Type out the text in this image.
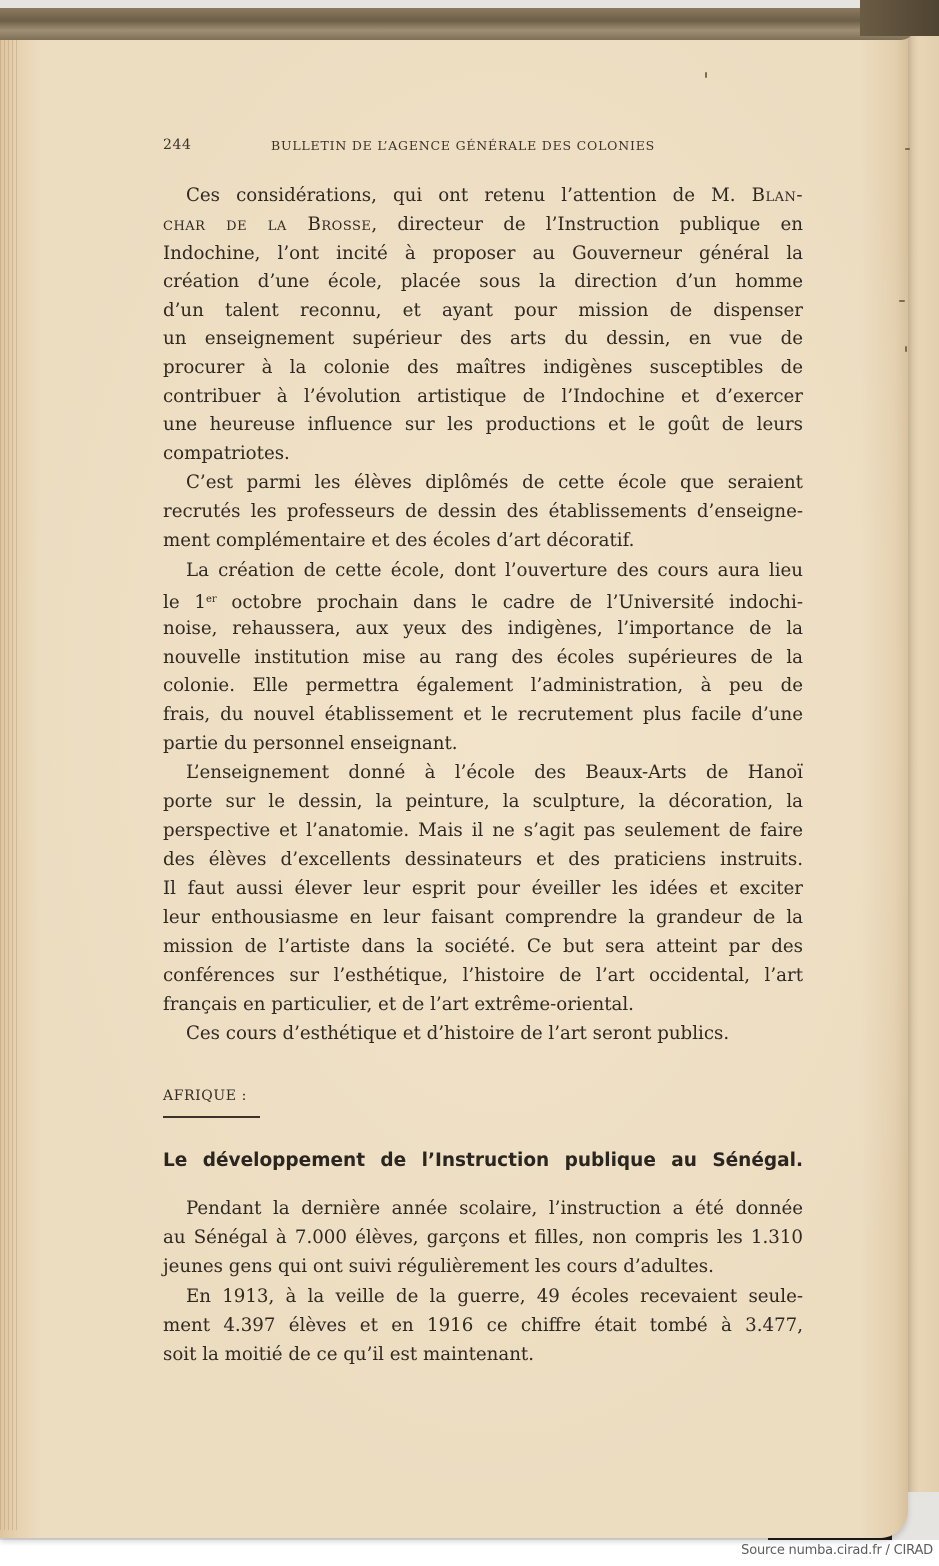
244	BULLETIN DE L’AGENCE GÉNÉRALE DES COLONIES
Ces considérations, qui ont retenu l’attention de M. Blan-
char de la Brosse, directeur de l’Instruction publique en
Indochine, l’ont incité à proposer au Gouverneur général la
création d’une école, placée sous la direction d’un homme
d’un talent reconnu, et ayant pour mission de dispenser
un enseignement supérieur des arts du dessin, en vue de
procurer à la colonie des maîtres indigènes susceptibles de
contribuer à l’évolution artistique de l’Indochine et d’exercer
une heureuse influence sur les productions et le goût de leurs
compatriotes.
C’est parmi les élèves diplômés de cette école que seraient
recrutés les professeurs de dessin des établissements d’enseigne-
ment complémentaire et des écoles d’art décoratif.
La création de cette école, dont l’ouverture des cours aura lieu
le 1er octobre prochain dans le cadre de l’Université indochi-
noise, rehaussera, aux yeux des indigènes, l’importance de la
nouvelle institution mise au rang des écoles supérieures de la
colonie. Elle permettra également l’administration, à peu de
frais, du nouvel établissement et le recrutement plus facile d’une
partie du personnel enseignant.
L’enseignement donné à l’école des Beaux-Arts de Hanoï
porte sur le dessin, la peinture, la sculpture, la décoration, la
perspective et l’anatomie. Mais il ne s’agit pas seulement de faire
des élèves d’excellents dessinateurs et des praticiens instruits.
Il faut aussi élever leur esprit pour éveiller les idées et exciter
leur enthousiasme en leur faisant comprendre la grandeur de la
mission de l’artiste dans la société. Ce but sera atteint par des
conférences sur l’esthétique, l’histoire de l’art occidental, l’art
français en particulier, et de l’art extrême-oriental.
Ces cours d’esthétique et d’histoire de l’art seront publics.
Pendant la dernière année scolaire, l’instruction a été donnée
au Sénégal à 7.000 élèves, garçons et filles, non compris les 1.310
jeunes gens qui ont suivi régulièrement les cours d’adultes.
En 1913, à la veille de la guerre, 49 écoles recevaient seule-
ment 4.397 élèves et en 1916 ce chiffre était tombé à 3.477,
soit la moitié de ce qu’il est maintenant.
AFRIQUE :
Le développement de l’Instruction publique au Sénégal.
Source numba.cirad.fr / CIRAD
